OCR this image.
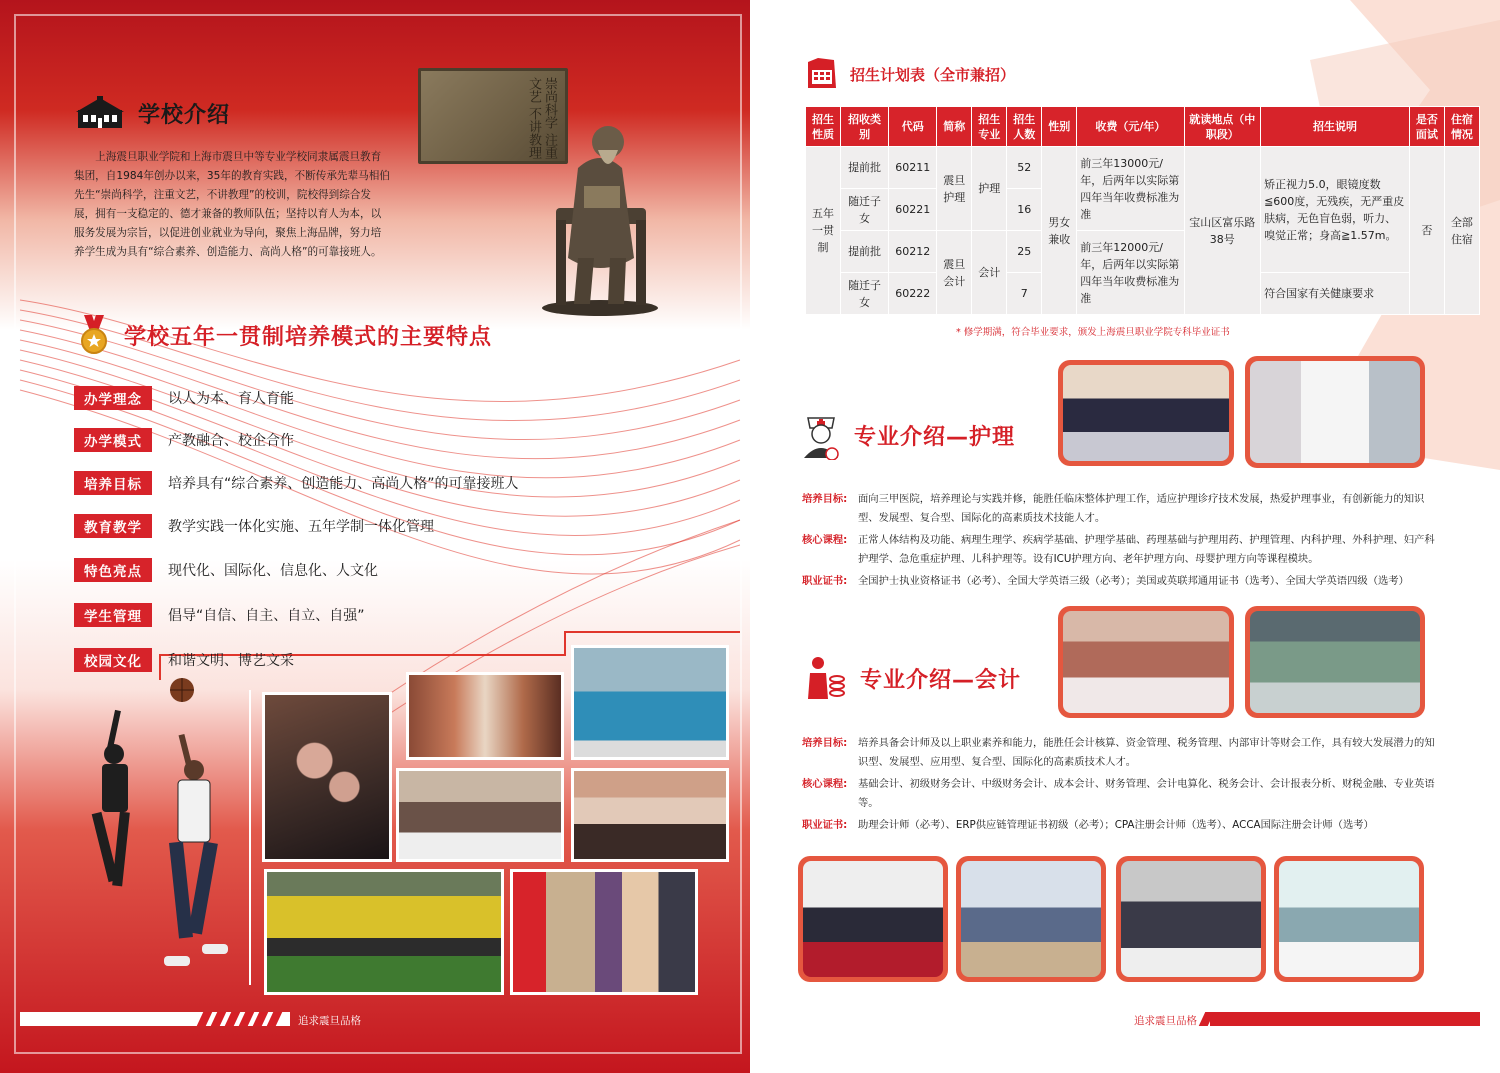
学校介绍

上海震旦职业学院和上海市震旦中等专业学校同隶属震旦教育集团，自1984年创办以来，35年的教育实践，不断传承先辈马相伯先生“崇尚科学，注重文艺，不讲教理”的校训，院校得到综合发展，拥有一支稳定的、德才兼备的教师队伍；坚持以育人为本，以服务发展为宗旨，以促进创业就业为导向，聚焦上海品牌，努力培养学生成为具有“综合素养、创造能力、高尚人格”的可靠接班人。

崇尚科学 注重文艺 不讲教理
学校五年一贯制培养模式的主要特点
办学理念	以人为本、育人育能
办学模式	产教融合、校企合作
培养目标	培养具有“综合素养、创造能力、高尚人格”的可靠接班人
教育教学	教学实践一体化实施、五年学制一体化管理
特色亮点	现代化、国际化、信息化、人文化
学生管理	倡导“自信、自主、自立、自强”
校园文化	和谐文明、博艺文采
追求震旦品格
招生计划表（全市兼招）
招生性质	招收类别	代码	简称	招生专业	招生人数	性别	收费（元/年）	就读地点（中职段）	招生说明	是否面试	住宿情况
五年一贯制	提前批	60211	震旦护理	护理	52	男女兼收	前三年13000元/年，后两年以实际第四年当年收费标准为准	宝山区富乐路38号	矫正视力5.0，眼镜度数≦600度，无残疾，无严重皮肤病，无色盲色弱，听力、嗅觉正常；身高≧1.57m。	否	全部住宿
	随迁子女	60221			16						
	提前批	60212	震旦会计	会计	25		前三年12000元/年，后两年以实际第四年当年收费标准为准				
	随迁子女	60222			7				符合国家有关健康要求		
* 修学期满，符合毕业要求，颁发上海震旦职业学院专科毕业证书
专业介绍—护理
培养目标:	面向三甲医院，培养理论与实践并修，能胜任临床整体护理工作，适应护理诊疗技术发展，热爱护理事业，有创新能力的知识型、发展型、复合型、国际化的高素质技术技能人才。
核心课程:	正常人体结构及功能、病理生理学、疾病学基础、护理学基础、药理基础与护理用药、护理管理、内科护理、外科护理、妇产科护理学、急危重症护理、儿科护理等。设有ICU护理方向、老年护理方向、母婴护理方向等课程模块。
职业证书:	全国护士执业资格证书（必考）、全国大学英语三级（必考）；美国或英联邦通用证书（选考）、全国大学英语四级（选考）
专业介绍—会计
培养目标:	培养具备会计师及以上职业素养和能力，能胜任会计核算、资金管理、税务管理、内部审计等财会工作，具有较大发展潜力的知识型、发展型、应用型、复合型、国际化的高素质技术人才。
核心课程:	基础会计、初级财务会计、中级财务会计、成本会计、财务管理、会计电算化、税务会计、会计报表分析、财税金融、专业英语等。
职业证书:	助理会计师（必考）、ERP供应链管理证书初级（必考）；CPA注册会计师（选考）、ACCA国际注册会计师（选考）
追求震旦品格
